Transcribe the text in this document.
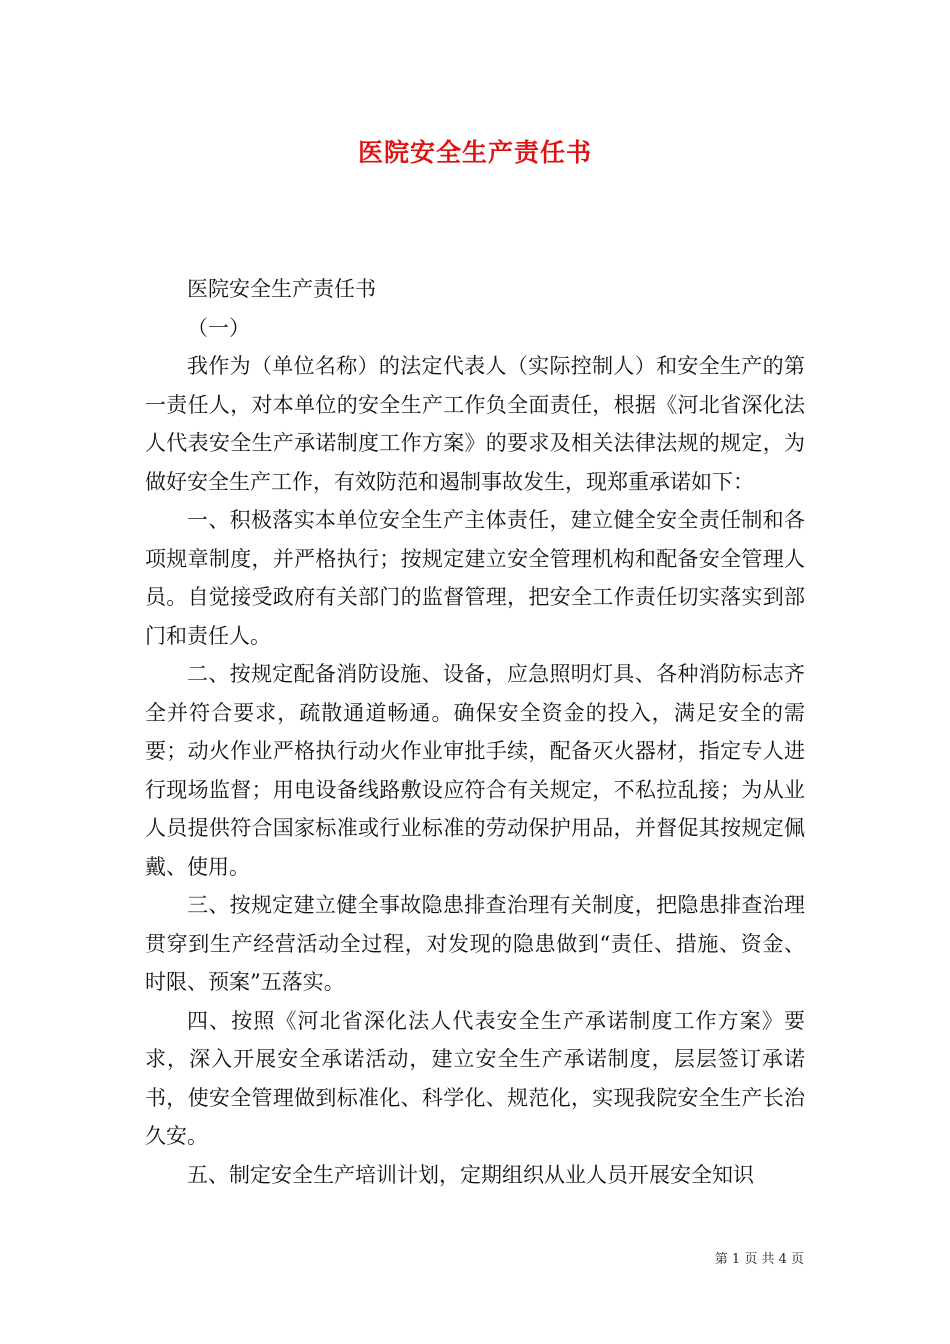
医院安全生产责任书

医院安全生产责任书

（一）

我作为（单位名称）的法定代表人（实际控制人）和安全生产的第一责任人，对本单位的安全生产工作负全面责任，根据《河北省深化法人代表安全生产承诺制度工作方案》的要求及相关法律法规的规定，为做好安全生产工作，有效防范和遏制事故发生，现郑重承诺如下：

一、积极落实本单位安全生产主体责任，建立健全安全责任制和各项规章制度，并严格执行；按规定建立安全管理机构和配备安全管理人员。自觉接受政府有关部门的监督管理，把安全工作责任切实落实到部门和责任人。

二、按规定配备消防设施、设备，应急照明灯具、各种消防标志齐全并符合要求，疏散通道畅通。确保安全资金的投入，满足安全的需要；动火作业严格执行动火作业审批手续，配备灭火器材，指定专人进行现场监督；用电设备线路敷设应符合有关规定，不私拉乱接；为从业人员提供符合国家标准或行业标准的劳动保护用品，并督促其按规定佩戴、使用。

三、按规定建立健全事故隐患排查治理有关制度，把隐患排查治理贯穿到生产经营活动全过程，对发现的隐患做到“责任、措施、资金、时限、预案”五落实。

四、按照《河北省深化法人代表安全生产承诺制度工作方案》要求，深入开展安全承诺活动，建立安全生产承诺制度，层层签订承诺书，使安全管理做到标准化、科学化、规范化，实现我院安全生产长治久安。

五、制定安全生产培训计划，定期组织从业人员开展安全知识

第 1 页 共 4 页
